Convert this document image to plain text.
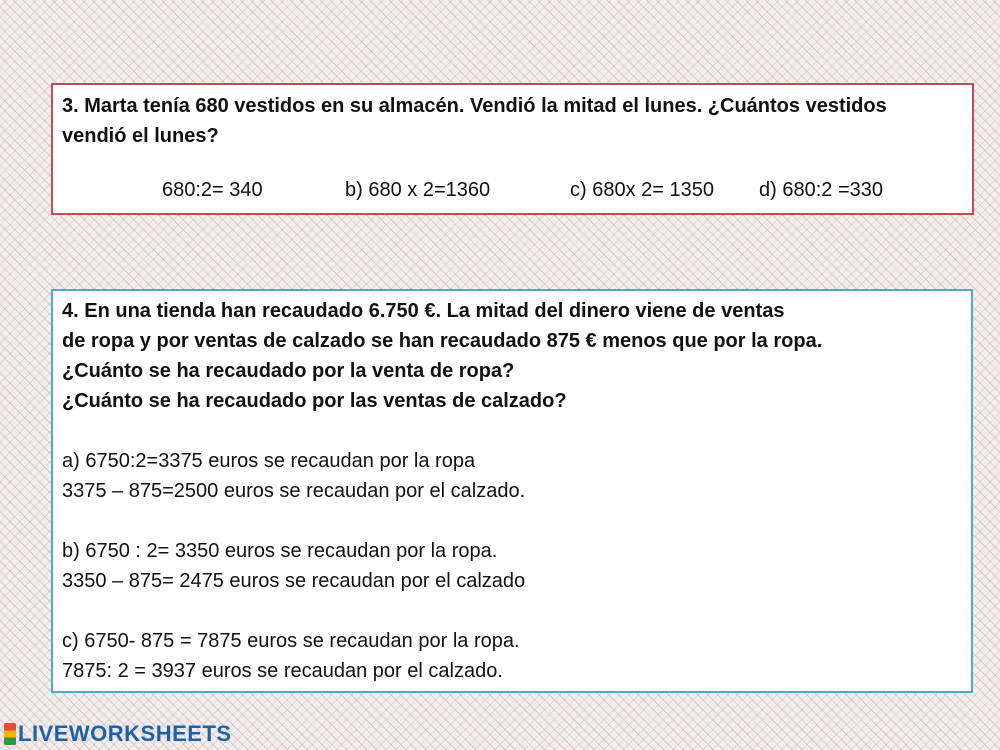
3. Marta tenía 680 vestidos en su almacén. Vendió la mitad el lunes. ¿Cuántos vestidos
vendió el lunes?
680:2= 340	b) 680 x 2=1360	c) 680x 2= 1350 d) 680:2 =330
4. En una tienda han recaudado 6.750 €. La mitad del dinero viene de ventas
de ropa y por ventas de calzado se han recaudado 875 € menos que por la ropa.
¿Cuánto se ha recaudado por la venta de ropa?
¿Cuánto se ha recaudado por las ventas de calzado?
a) 6750:2=3375 euros se recaudan por la ropa
3375 – 875=2500 euros se recaudan por el calzado.
b) 6750 : 2= 3350 euros se recaudan por la ropa.
3350 – 875= 2475 euros se recaudan por el calzado
c) 6750- 875 = 7875 euros se recaudan por la ropa.
7875: 2 = 3937 euros se recaudan por el calzado.
LIVEWORKSHEETS
